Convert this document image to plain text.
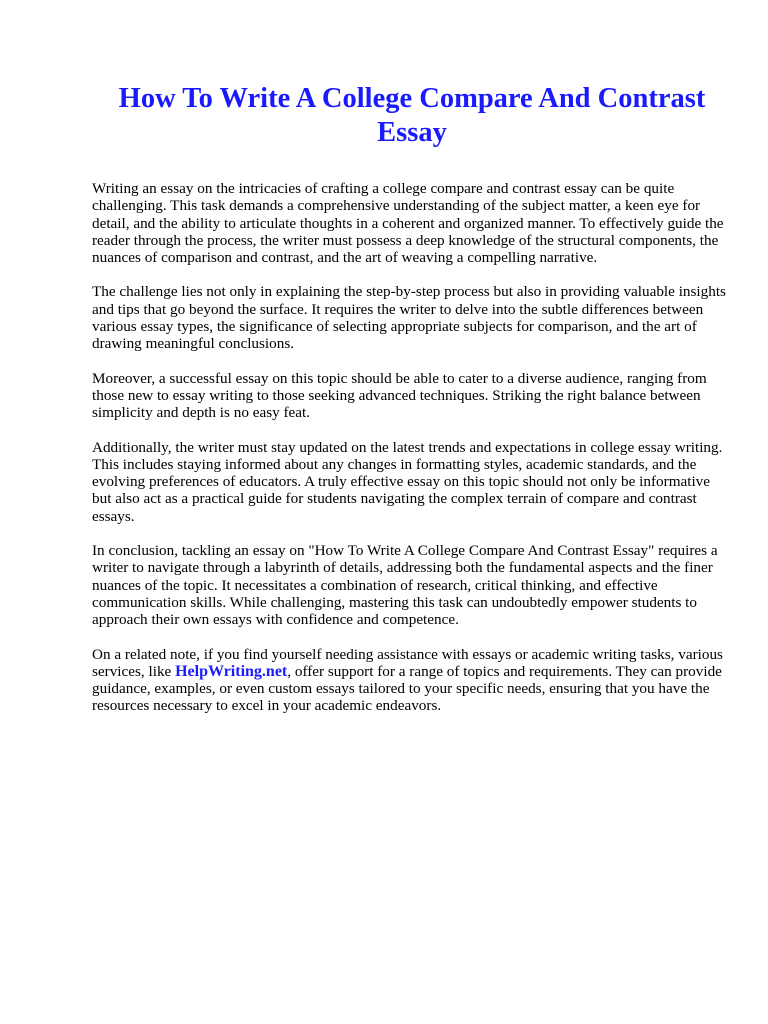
How To Write A College Compare And Contrast Essay

Writing an essay on the intricacies of crafting a college compare and contrast essay can be quite challenging. This task demands a comprehensive understanding of the subject matter, a keen eye for detail, and the ability to articulate thoughts in a coherent and organized manner. To effectively guide the reader through the process, the writer must possess a deep knowledge of the structural components, the nuances of comparison and contrast, and the art of weaving a compelling narrative.

The challenge lies not only in explaining the step-by-step process but also in providing valuable insights and tips that go beyond the surface. It requires the writer to delve into the subtle differences between various essay types, the significance of selecting appropriate subjects for comparison, and the art of drawing meaningful conclusions.

Moreover, a successful essay on this topic should be able to cater to a diverse audience, ranging from those new to essay writing to those seeking advanced techniques. Striking the right balance between simplicity and depth is no easy feat.

Additionally, the writer must stay updated on the latest trends and expectations in college essay writing. This includes staying informed about any changes in formatting styles, academic standards, and the evolving preferences of educators. A truly effective essay on this topic should not only be informative but also act as a practical guide for students navigating the complex terrain of compare and contrast essays.

In conclusion, tackling an essay on "How To Write A College Compare And Contrast Essay" requires a writer to navigate through a labyrinth of details, addressing both the fundamental aspects and the finer nuances of the topic. It necessitates a combination of research, critical thinking, and effective communication skills. While challenging, mastering this task can undoubtedly empower students to approach their own essays with confidence and competence.

On a related note, if you find yourself needing assistance with essays or academic writing tasks, various services, like HelpWriting.net, offer support for a range of topics and requirements. They can provide guidance, examples, or even custom essays tailored to your specific needs, ensuring that you have the resources necessary to excel in your academic endeavors.
